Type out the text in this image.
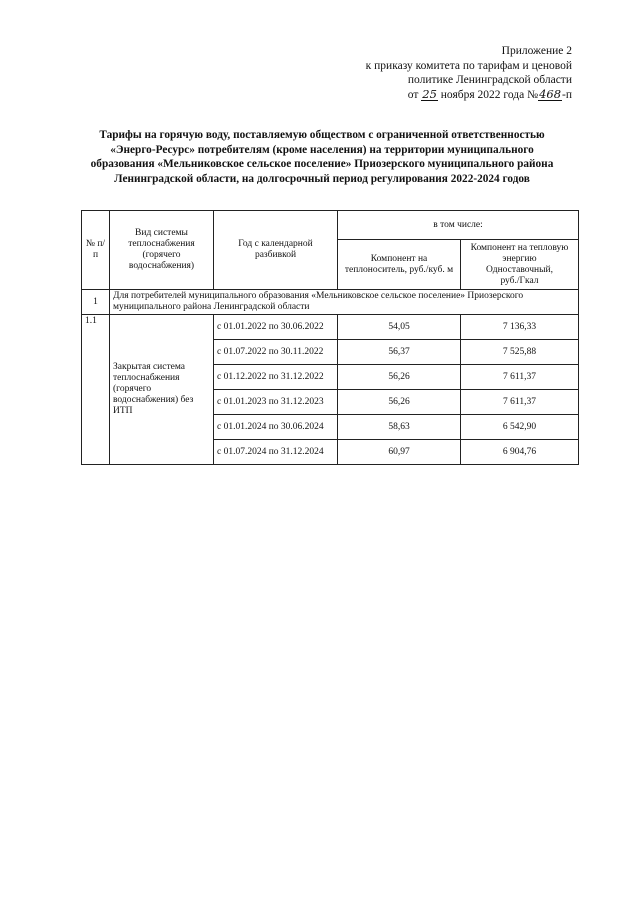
Приложение 2
к приказу комитета по тарифам и ценовой
политике Ленинградской области
от 25 ноября 2022 года №468-п
Тарифы на горячую воду, поставляемую обществом с ограниченной ответственностью
«Энерго-Ресурс» потребителям (кроме населения) на территории муниципального
образования «Мельниковское сельское поселение» Приозерского муниципального района
Ленинградской области, на долгосрочный период регулирования 2022-2024 годов
№ п/п	Вид системы теплоснабжения (горячего водоснабжения)	Год с календарной разбивкой	в том числе:	
			Компонент на теплоноситель, руб./куб. м	Компонент на тепловую энергию
Одноставочный,
руб./Гкал

1	Для потребителей муниципального образования «Мельниковское сельское поселение» Приозерского муниципального района Ленинградской области			
1.1	Закрытая система теплоснабжения (горячего водоснабжения) без ИТП	с 01.01.2022 по 30.06.2022	54,05	7 136,33
		с 01.07.2022 по 30.11.2022	56,37	7 525,88
		с 01.12.2022 по 31.12.2022	56,26	7 611,37
		с 01.01.2023 по 31.12.2023	56,26	7 611,37
		с 01.01.2024 по 30.06.2024	58,63	6 542,90
		с 01.07.2024 по 31.12.2024	60,97	6 904,76
